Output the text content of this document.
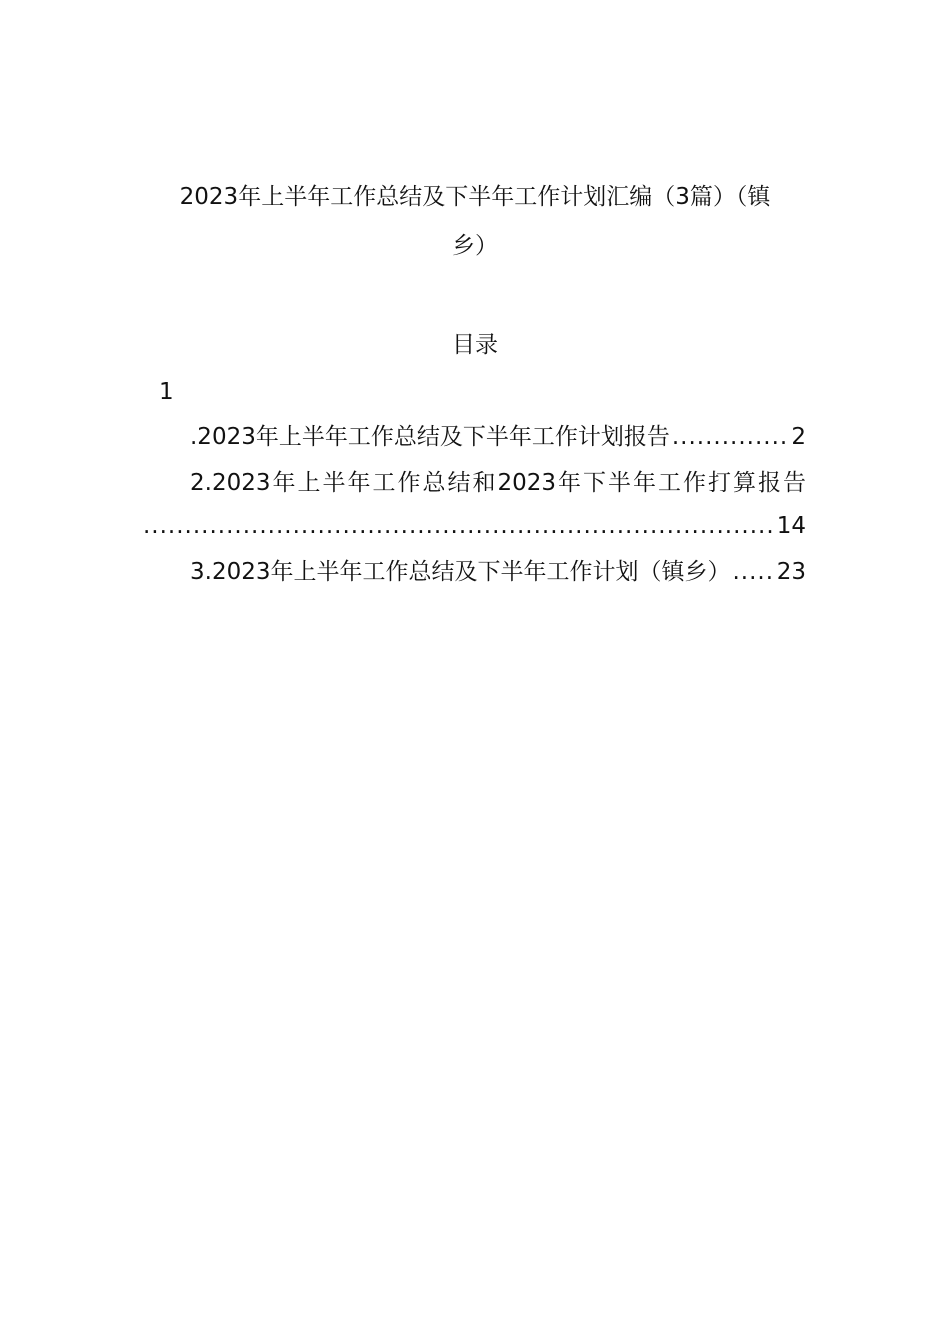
2023年上半年工作总结及下半年工作计划汇编（3篇）（镇
乡）
目录
1
.2023年上半年工作总结及下半年工作计划报告 .....	2
2.2023年上半年工作总结和2023年下半年工作打算报告
.....
14
3.2023年上半年工作总结及下半年工作计划（镇乡） ..... 23
